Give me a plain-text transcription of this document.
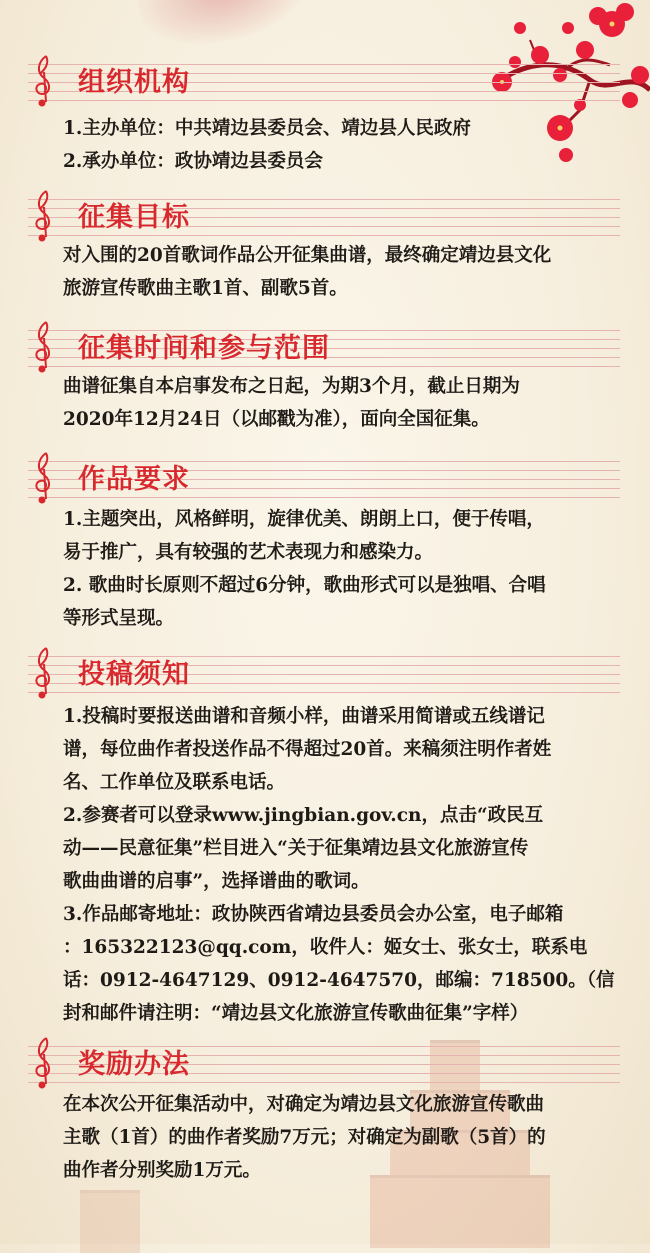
组织机构

1.主办单位：中共靖边县委员会、靖边县人民政府

2.承办单位：政协靖边县委员会

征集目标

对入围的20首歌词作品公开征集曲谱，最终确定靖边县文化

旅游宣传歌曲主歌1首、副歌5首。

征集时间和参与范围

曲谱征集自本启事发布之日起，为期3个月，截止日期为

2020年12月24日（以邮戳为准），面向全国征集。

作品要求

1.主题突出，风格鲜明，旋律优美、朗朗上口，便于传唱，

易于推广，具有较强的艺术表现力和感染力。

2. 歌曲时长原则不超过6分钟，歌曲形式可以是独唱、合唱

等形式呈现。

投稿须知

1.投稿时要报送曲谱和音频小样，曲谱采用简谱或五线谱记

谱，每位曲作者投送作品不得超过20首。来稿须注明作者姓

名、工作单位及联系电话。

2.参赛者可以登录www.jingbian.gov.cn，点击“政民互

动——民意征集”栏目进入“关于征集靖边县文化旅游宣传

歌曲曲谱的启事”，选择谱曲的歌词。

3.作品邮寄地址：政协陕西省靖边县委员会办公室，电子邮箱

：165322123@qq.com，收件人：姬女士、张女士，联系电

话：0912-4647129、0912-4647570，邮编：718500。（信

封和邮件请注明：“靖边县文化旅游宣传歌曲征集”字样）

奖励办法

在本次公开征集活动中，对确定为靖边县文化旅游宣传歌曲

主歌（1首）的曲作者奖励7万元；对确定为副歌（5首）的

曲作者分别奖励1万元。
